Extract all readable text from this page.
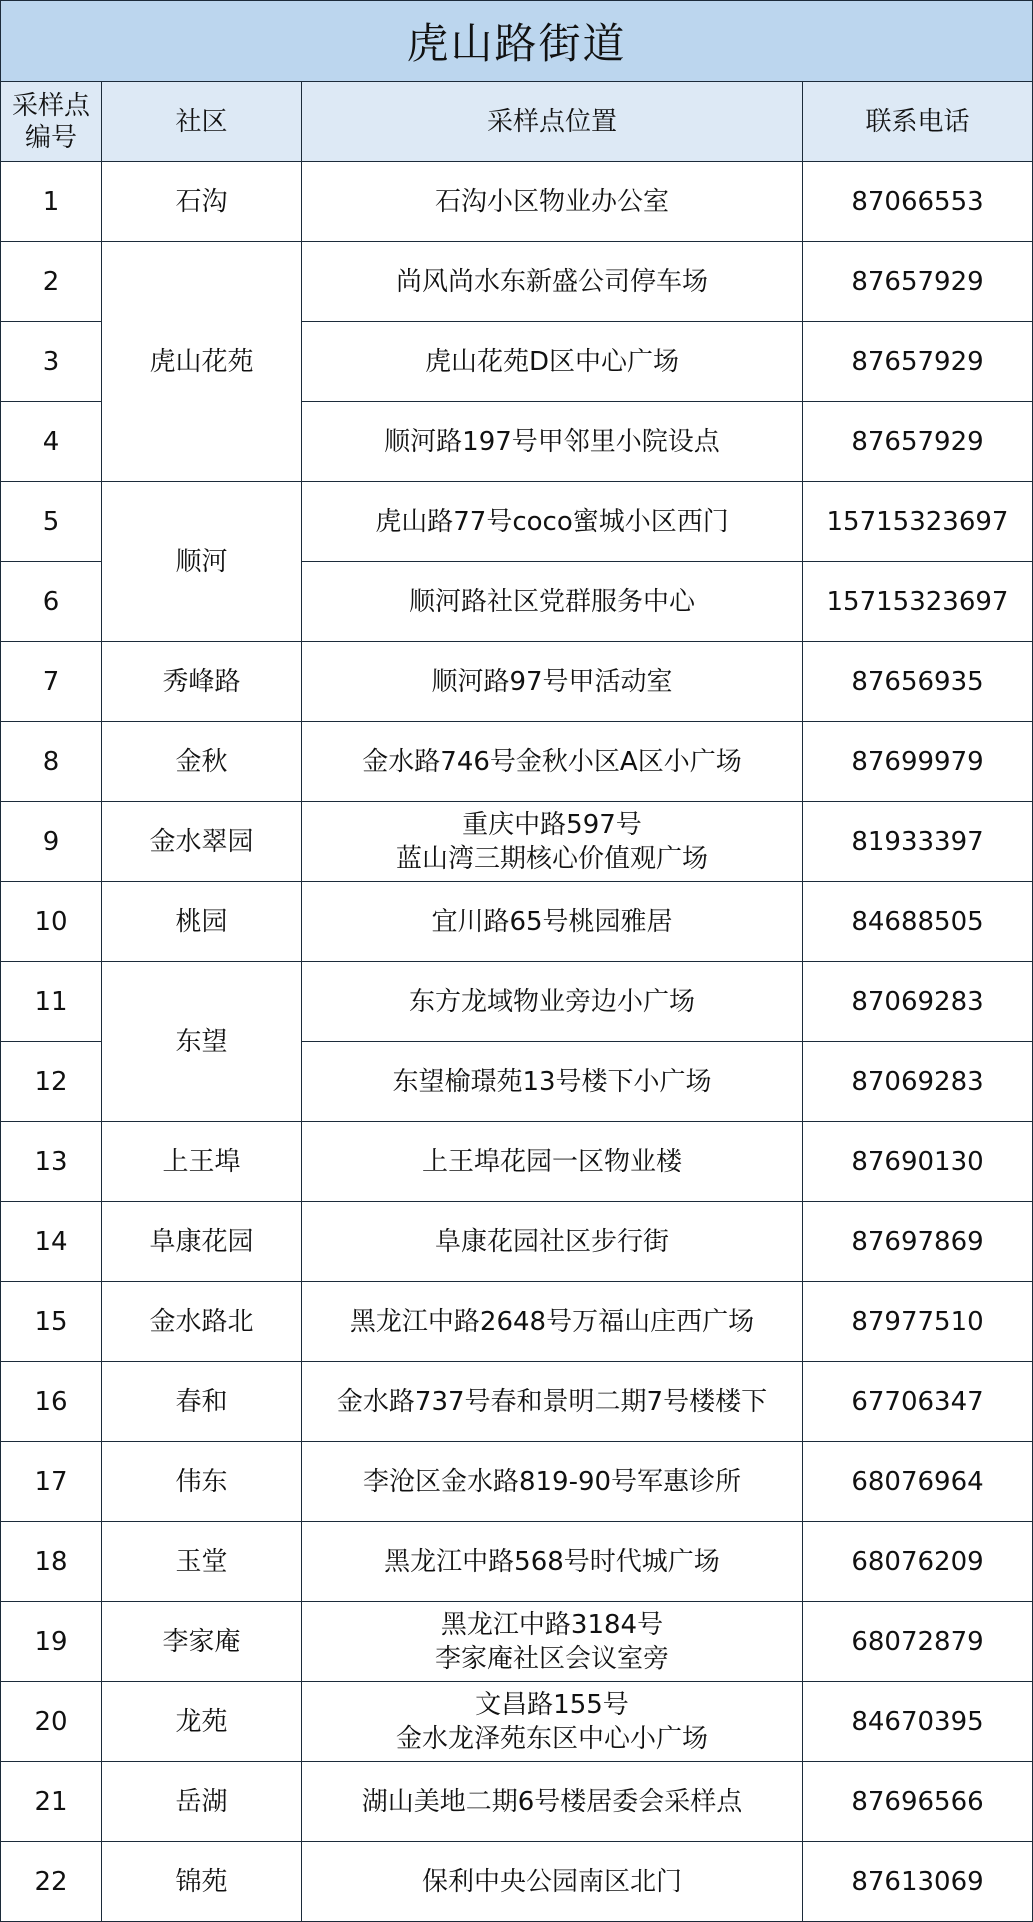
虎山路街道			

采样点
编号	社区	采样点位置	联系电话
1	石沟	石沟小区物业办公室	87066553
2	虎山花苑	尚风尚水东新盛公司停车场	87657929
3		虎山花苑D区中心广场	87657929
4		顺河路197号甲邻里小院设点	87657929
5	顺河	虎山路77号coco蜜城小区西门	15715323697
6		顺河路社区党群服务中心	15715323697
7	秀峰路	顺河路97号甲活动室	87656935
8	金秋	金水路746号金秋小区A区小广场	87699979
9	金水翠园	重庆中路597号
蓝山湾三期核心价值观广场	81933397
10	桃园	宜川路65号桃园雅居	84688505
11	东望	东方龙域物业旁边小广场	87069283
12		东望榆璟苑13号楼下小广场	87069283
13	上王埠	上王埠花园一区物业楼	87690130
14	阜康花园	阜康花园社区步行街	87697869
15	金水路北	黑龙江中路2648号万福山庄西广场	87977510
16	春和	金水路737号春和景明二期7号楼楼下	67706347
17	伟东	李沧区金水路819-90号军惠诊所	68076964
18	玉堂	黑龙江中路568号时代城广场	68076209
19	李家庵	黑龙江中路3184号
李家庵社区会议室旁	68072879
20	龙苑	文昌路155号
金水龙泽苑东区中心小广场	84670395
21	岳湖	湖山美地二期6号楼居委会采样点	87696566
22	锦苑	保利中央公园南区北门	87613069
